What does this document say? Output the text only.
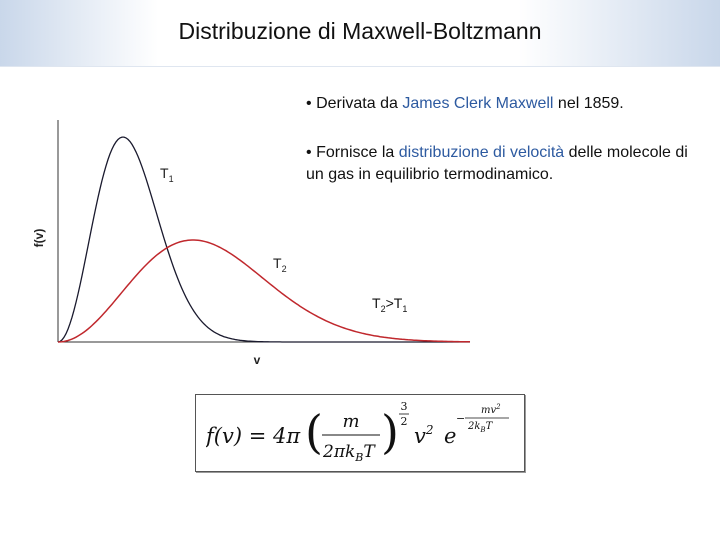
Distribuzione di Maxwell-Boltzmann
• Derivata da James Clerk Maxwell nel 1859.
• Fornisce la distribuzione di velocità delle molecole di un gas in equilibrio termodinamico.
f(v)
v
$T_1$
$T_2$
$T_2>T_1$
f(v) = 4π ( m
$2\pi k_BT$ ) 3
2
$v^2$ e
−
$mv^2$
$2k_BT$
